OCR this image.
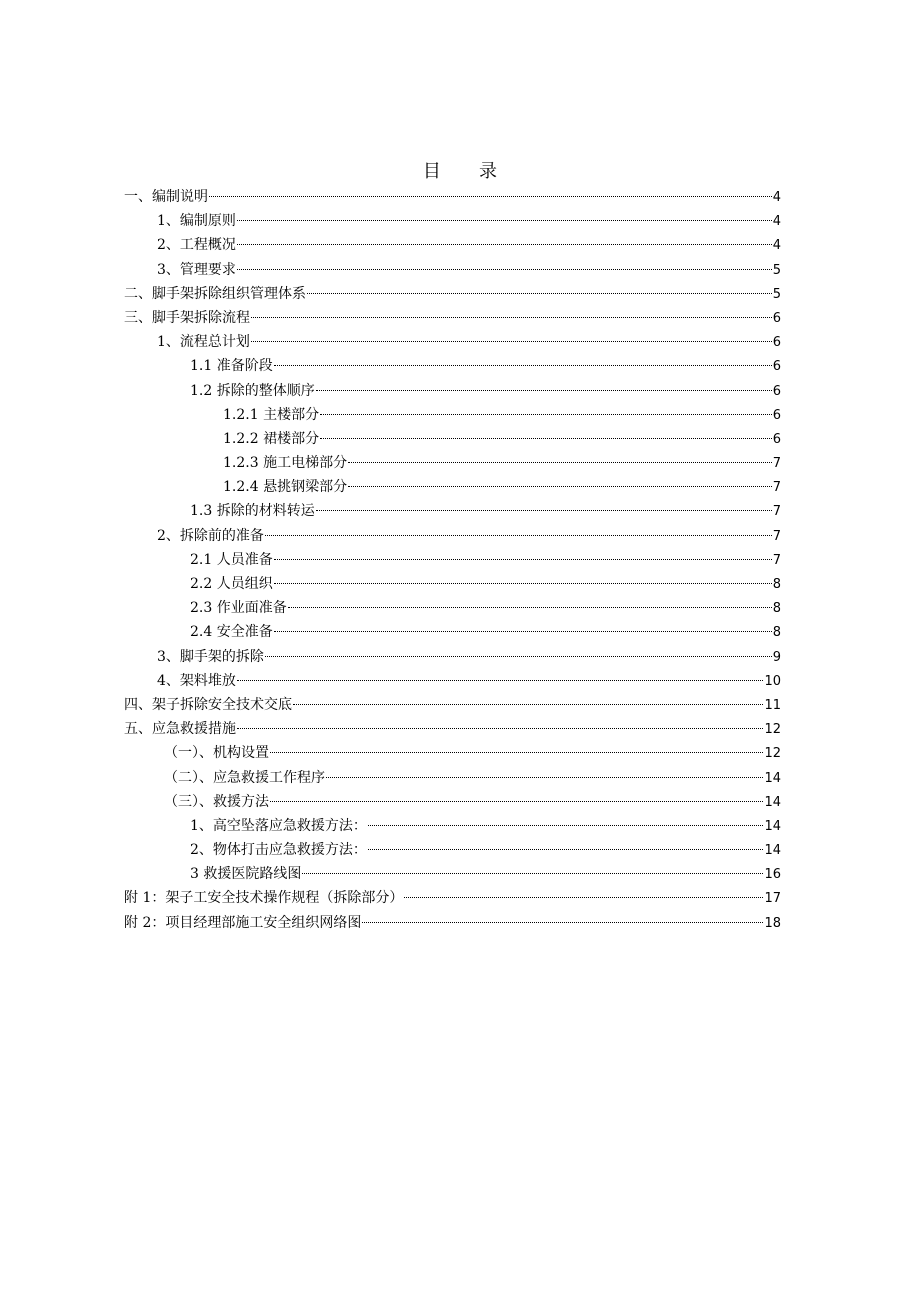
目 录
一、编制说明	4
1、编制原则	4
2、工程概况	4
3、管理要求	5
二、脚手架拆除组织管理体系	5
三、脚手架拆除流程	6
1、流程总计划	6
1.1 准备阶段	6
1.2 拆除的整体顺序	6
1.2.1 主楼部分	6
1.2.2 裙楼部分	6
1.2.3 施工电梯部分	7
1.2.4 悬挑钢梁部分	7
1.3 拆除的材料转运	7
2、拆除前的准备	7
2.1 人员准备	7
2.2 人员组织	8
2.3 作业面准备	8
2.4 安全准备	8
3、脚手架的拆除	9
4、架料堆放	10
四、架子拆除安全技术交底	11
五、应急救援措施	12
（一）、机构设置	12
（二）、应急救援工作程序	14
（三）、救援方法	14
1、高空坠落应急救援方法：	14
2、物体打击应急救援方法：	14
3 救援医院路线图	16
附 1：架子工安全技术操作规程（拆除部分）	17
附 2：项目经理部施工安全组织网络图	18
